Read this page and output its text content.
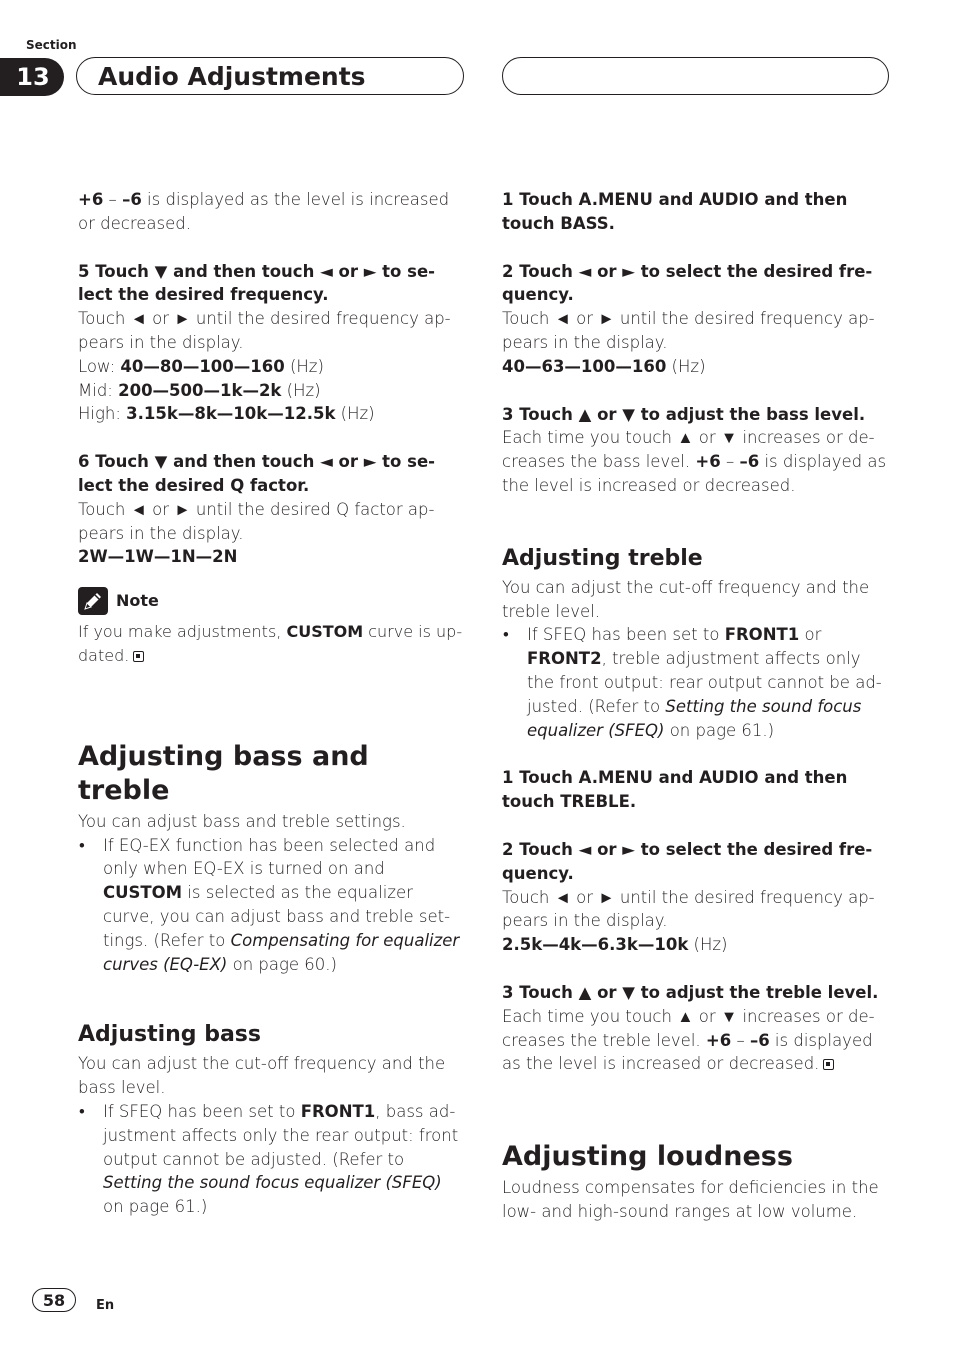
Section
13	Audio Adjustments

+6 – –6 is displayed as the level is increased or decreased.

5 Touch ▼ and then touch ◄ or ► to se- lect the desired frequency.

Touch ◄ or ► until the desired frequency ap- pears in the display.

Low: 40—80—100—160 (Hz)

Mid: 200—500—1k—2k (Hz)

High: 3.15k—8k—10k—12.5k (Hz)

6 Touch ▼ and then touch ◄ or ► to se- lect the desired Q factor.

Touch ◄ or ► until the desired Q factor ap- pears in the display.

2W—1W—1N—2N

Note

If you make adjustments, CUSTOM curve is up- dated.

Adjusting bass and treble

You can adjust bass and treble settings.

• If EQ-EX function has been selected and only when EQ-EX is turned on and CUSTOM is selected as the equalizer curve, you can adjust bass and treble set- tings. (Refer to Compensating for equalizer curves (EQ-EX) on page 60.)

Adjusting bass

You can adjust the cut-off frequency and the bass level.

• If SFEQ has been set to FRONT1, bass ad- justment affects only the rear output: front output cannot be adjusted. (Refer to Setting the sound focus equalizer (SFEQ) on page 61.)

1 Touch A.MENU and AUDIO and then touch BASS.

2 Touch ◄ or ► to select the desired fre- quency.

Touch ◄ or ► until the desired frequency ap- pears in the display.

40—63—100—160 (Hz)

3 Touch ▲ or ▼ to adjust the bass level.

Each time you touch ▲ or ▼ increases or de- creases the bass level. +6 – –6 is displayed as the level is increased or decreased.

Adjusting treble

You can adjust the cut-off frequency and the treble level.

• If SFEQ has been set to FRONT1 or FRONT2, treble adjustment affects only the front output: rear output cannot be ad- justed. (Refer to Setting the sound focus equalizer (SFEQ) on page 61.)

1 Touch A.MENU and AUDIO and then touch TREBLE.

2 Touch ◄ or ► to select the desired fre- quency.

Touch ◄ or ► until the desired frequency ap- pears in the display.

2.5k—4k—6.3k—10k (Hz)

3 Touch ▲ or ▼ to adjust the treble level.

Each time you touch ▲ or ▼ increases or de- creases the treble level. +6 – –6 is displayed as the level is increased or decreased.

Adjusting loudness

Loudness compensates for deficiencies in the low- and high-sound ranges at low volume.

58	En
